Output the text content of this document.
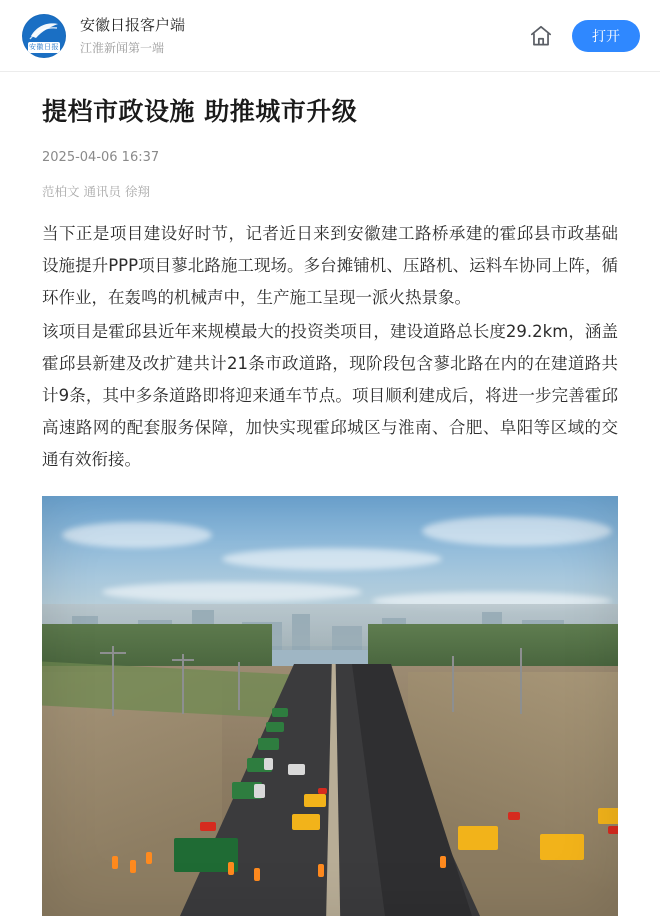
安徽日报
安徽日报客户端
江淮新闻第一端
打开
提档市政设施 助推城市升级
2025-04-06 16:37
范柏文 通讯员 徐翔

当下正是项目建设好时节，记者近日来到安徽建工路桥承建的霍邱县市政基础设施提升PPP项目蓼北路施工现场。多台摊铺机、压路机、运料车协同上阵，循环作业，在轰鸣的机械声中，生产施工呈现一派火热景象。

该项目是霍邱县近年来规模最大的投资类项目，建设道路总长度29.2km，涵盖霍邱县新建及改扩建共计21条市政道路，现阶段包含蓼北路在内的在建道路共计9条，其中多条道路即将迎来通车节点。项目顺利建成后，将进一步完善霍邱高速路网的配套服务保障，加快实现霍邱城区与淮南、合肥、阜阳等区域的交通有效衔接。
